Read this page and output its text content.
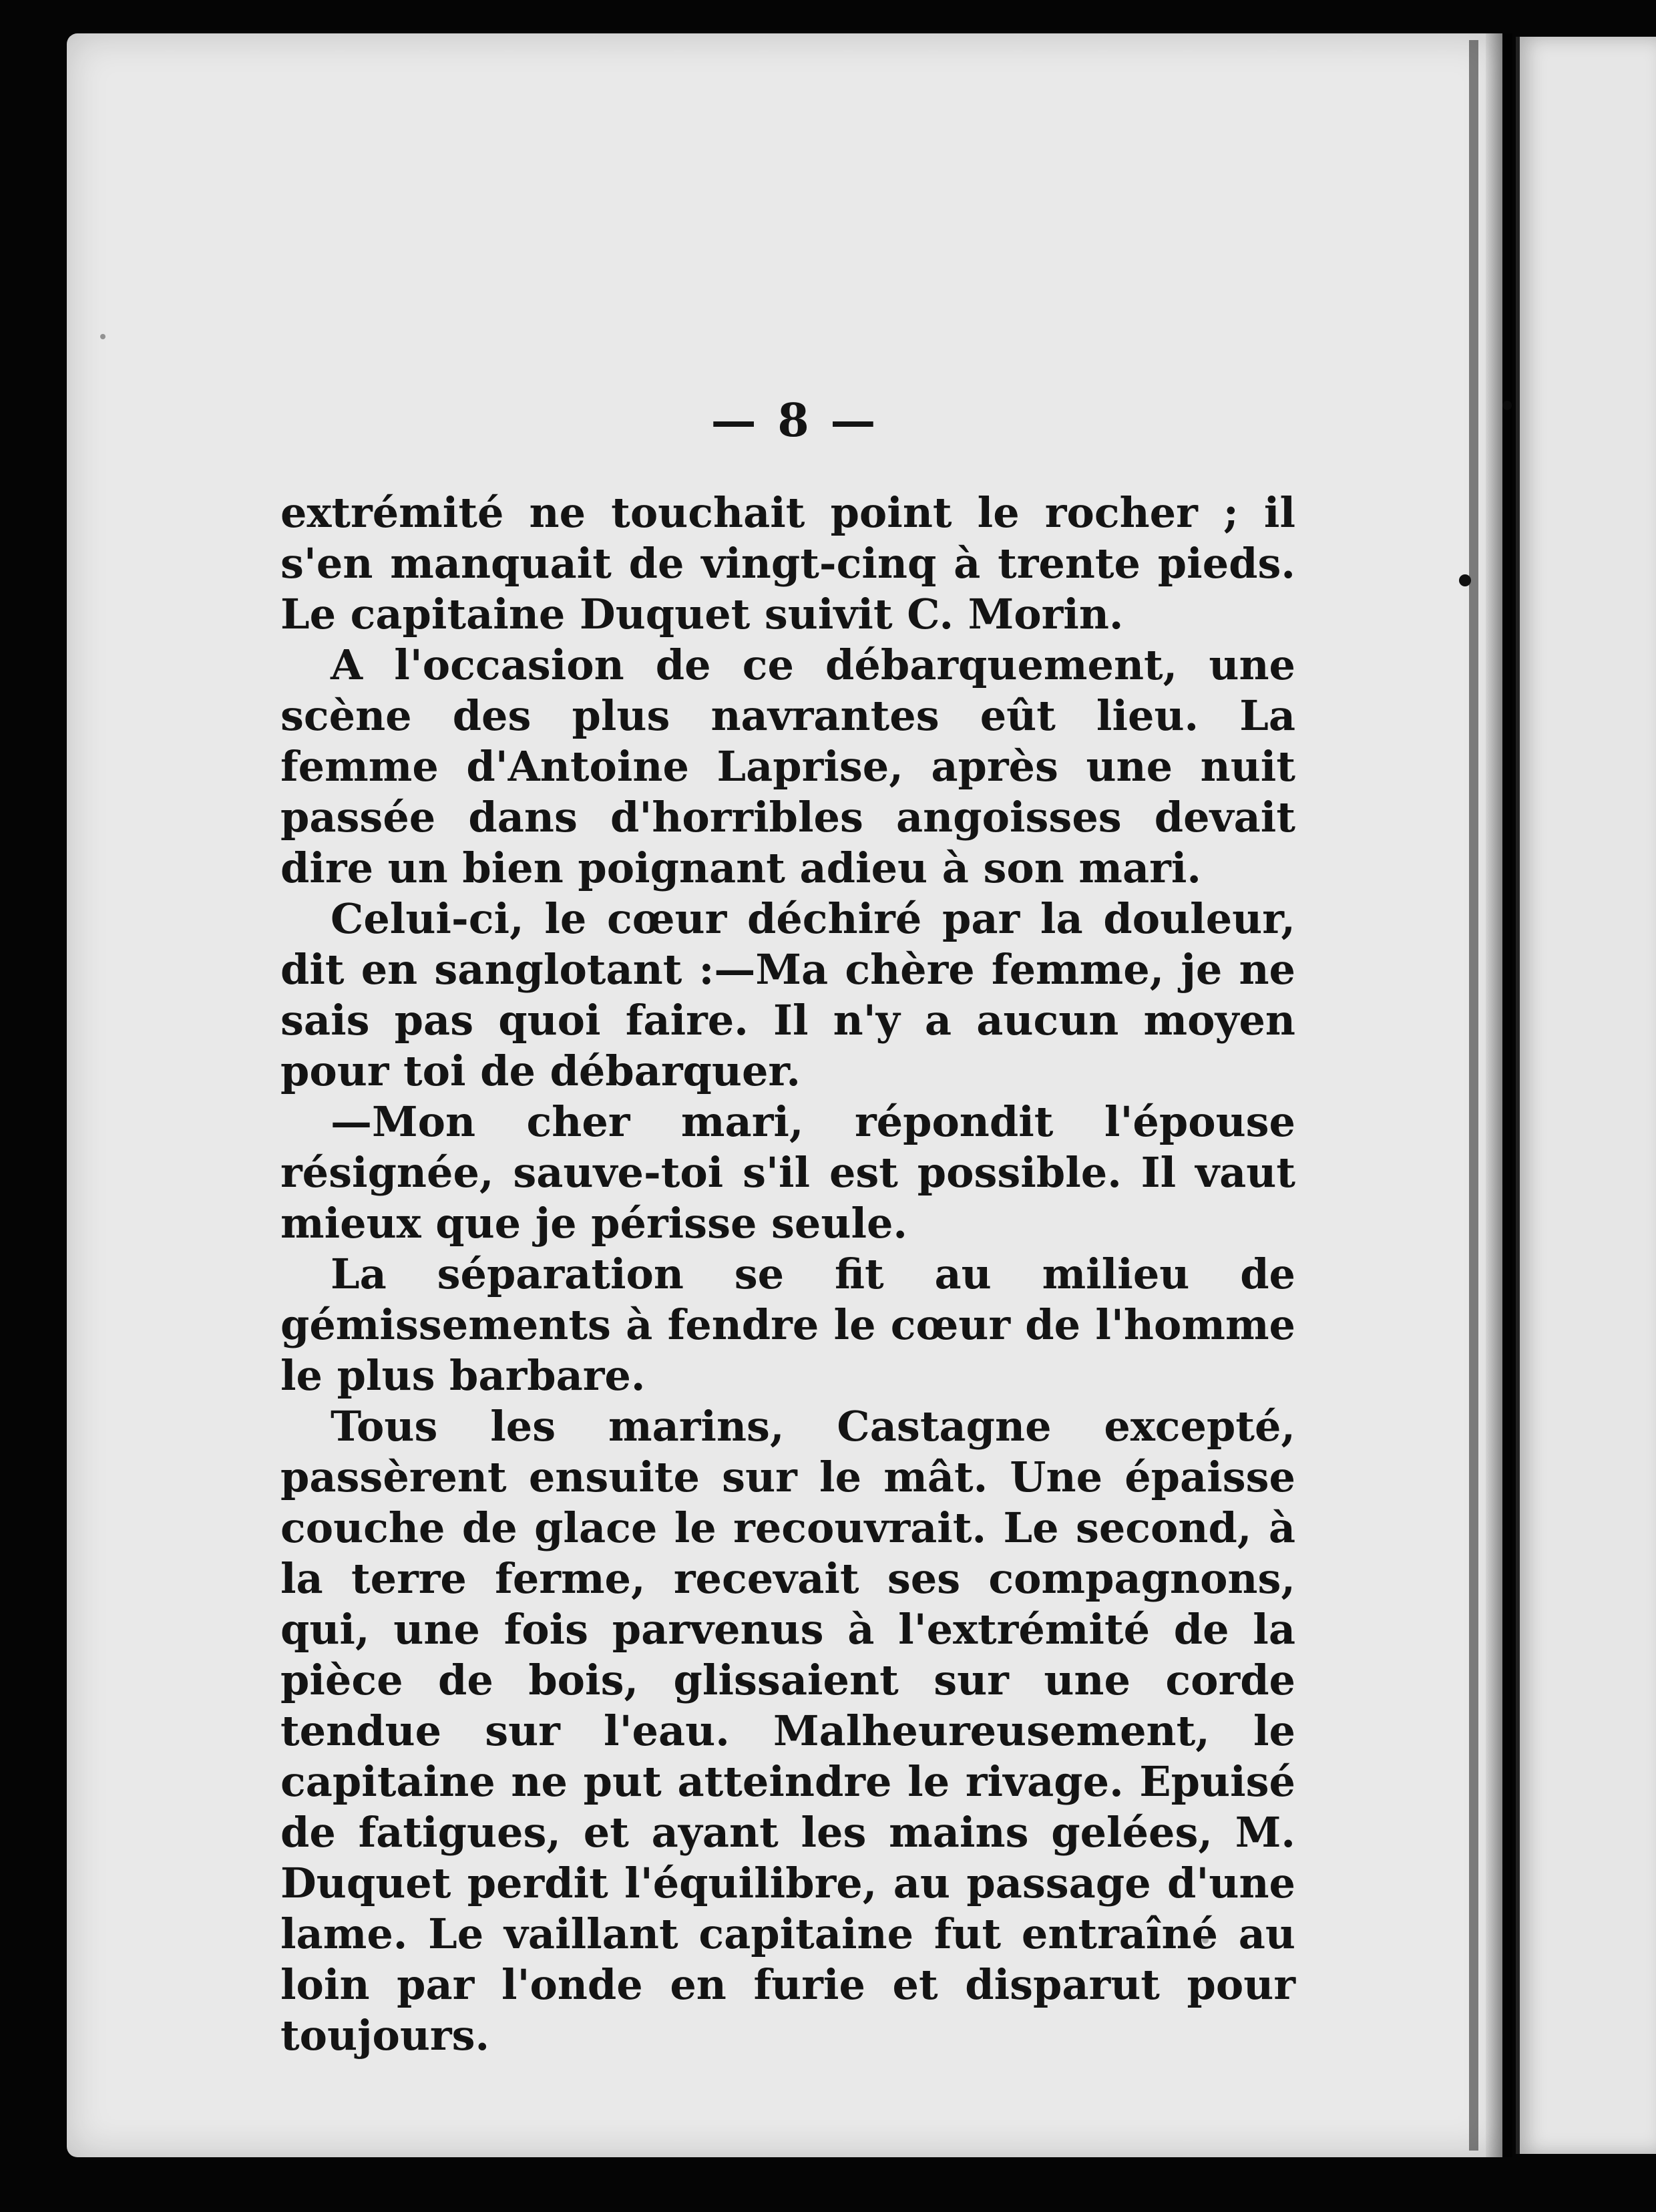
— 8 —

extrémité ne touchait point le rocher ; il s'en manquait de vingt-cinq à trente pieds. Le capitaine Duquet suivit C. Morin.

A l'occasion de ce débarquement, une scène des plus navrantes eût lieu. La femme d'Antoine Laprise, après une nuit passée dans d'horribles angoisses devait dire un bien poignant adieu à son mari.

Celui-ci, le cœur déchiré par la douleur, dit en sanglotant :—Ma chère femme, je ne sais pas quoi faire. Il n'y a aucun moyen pour toi de débarquer.

—Mon cher mari, répondit l'épouse résignée, sauve-toi s'il est possible. Il vaut mieux que je périsse seule.

La séparation se fit au milieu de gémissements à fendre le cœur de l'homme le plus barbare.

Tous les marins, Castagne excepté, passèrent ensuite sur le mât. Une épaisse couche de glace le recouvrait. Le second, à la terre ferme, recevait ses compagnons, qui, une fois parvenus à l'extrémité de la pièce de bois, glissaient sur une corde tendue sur l'eau. Malheureusement, le capitaine ne put atteindre le rivage. Epuisé de fatigues, et ayant les mains gelées, M. Duquet perdit l'équilibre, au passage d'une lame. Le vaillant capitaine fut entraîné au loin par l'onde en furie et disparut pour toujours.
